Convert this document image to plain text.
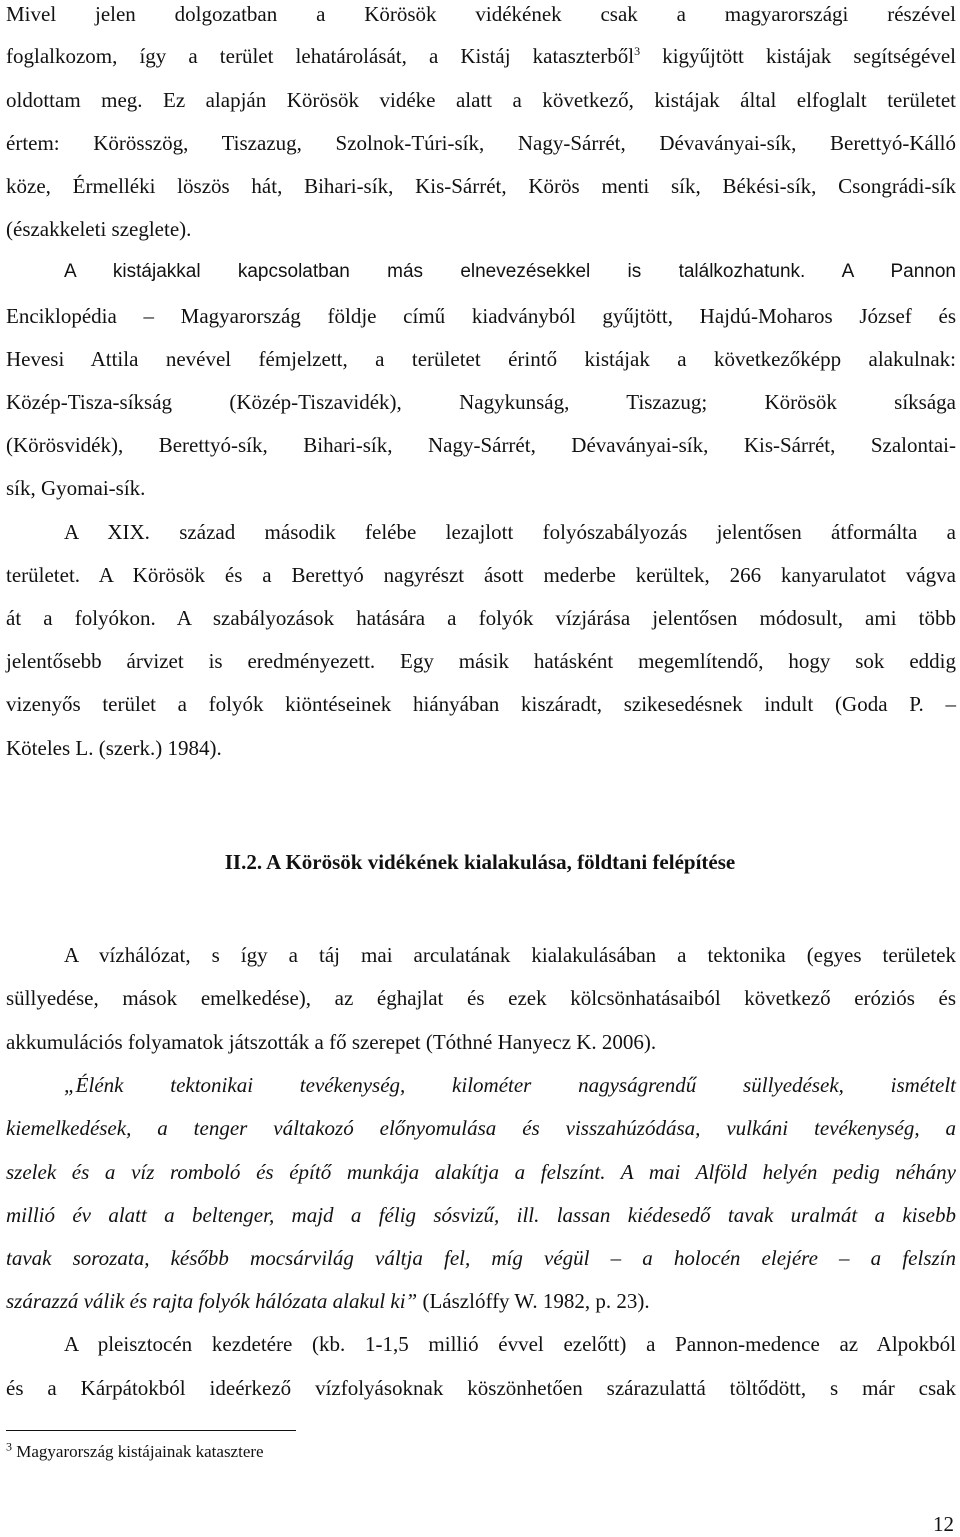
Mivel jelen dolgozatban a Körösök vidékének csak a magyarországi részével
foglalkozom, így a terület lehatárolását, a Kistáj kataszterből$^3$ kigyűjtött kistájak segítségével
oldottam meg. Ez alapján Körösök vidéke alatt a következő, kistájak által elfoglalt területet
értem: Körösszög, Tiszazug, Szolnok-Túri-sík, Nagy-Sárrét, Dévaványai-sík, Berettyó-Kálló
köze, Érmelléki löszös hát, Bihari-sík, Kis-Sárrét, Körös menti sík, Békési-sík, Csongrádi-sík
(északkeleti szeglete).
A kistájakkal kapcsolatban más elnevezésekkel is találkozhatunk. A Pannon
Enciklopédia – Magyarország földje című kiadványból gyűjtött, Hajdú-Moharos József és
Hevesi Attila nevével fémjelzett, a területet érintő kistájak a következőképp alakulnak:
Közép-Tisza-síkság (Közép-Tiszavidék), Nagykunság, Tiszazug; Körösök síksága
(Körösvidék), Berettyó-sík, Bihari-sík, Nagy-Sárrét, Dévaványai-sík, Kis-Sárrét, Szalontai-
sík, Gyomai-sík.
A XIX. század második felébe lezajlott folyószabályozás jelentősen átformálta a
területet. A Körösök és a Berettyó nagyrészt ásott mederbe kerültek, 266 kanyarulatot vágva
át a folyókon. A szabályozások hatására a folyók vízjárása jelentősen módosult, ami több
jelentősebb árvizet is eredményezett. Egy másik hatásként megemlítendő, hogy sok eddig
vizenyős terület a folyók kiöntéseinek hiányában kiszáradt, szikesedésnek indult (Goda P. –
Köteles L. (szerk.) 1984).
II.2. A Körösök vidékének kialakulása, földtani felépítése
A vízhálózat, s így a táj mai arculatának kialakulásában a tektonika (egyes területek
süllyedése, mások emelkedése), az éghajlat és ezek kölcsönhatásaiból következő eróziós és
akkumulációs folyamatok játszották a fő szerepet (Tóthné Hanyecz K. 2006).
„Élénk tektonikai tevékenység, kilométer nagyságrendű süllyedések, ismételt
kiemelkedések, a tenger váltakozó előnyomulása és visszahúzódása, vulkáni tevékenység, a
szelek és a víz romboló és építő munkája alakítja a felszínt. A mai Alföld helyén pedig néhány
millió év alatt a beltenger, majd a félig sósvizű, ill. lassan kiédesedő tavak uralmát a kisebb
tavak sorozata, később mocsárvilág váltja fel, míg végül – a holocén elejére – a felszín
szárazzá válik és rajta folyók hálózata alakul ki” (Lászlóffy W. 1982, p. 23).
A pleisztocén kezdetére (kb. 1-1,5 millió évvel ezelőtt) a Pannon-medence az Alpokból
és a Kárpátokból ideérkező vízfolyásoknak köszönhetően szárazulattá töltődött, s már csak
$^3$ Magyarország kistájainak katasztere
12
